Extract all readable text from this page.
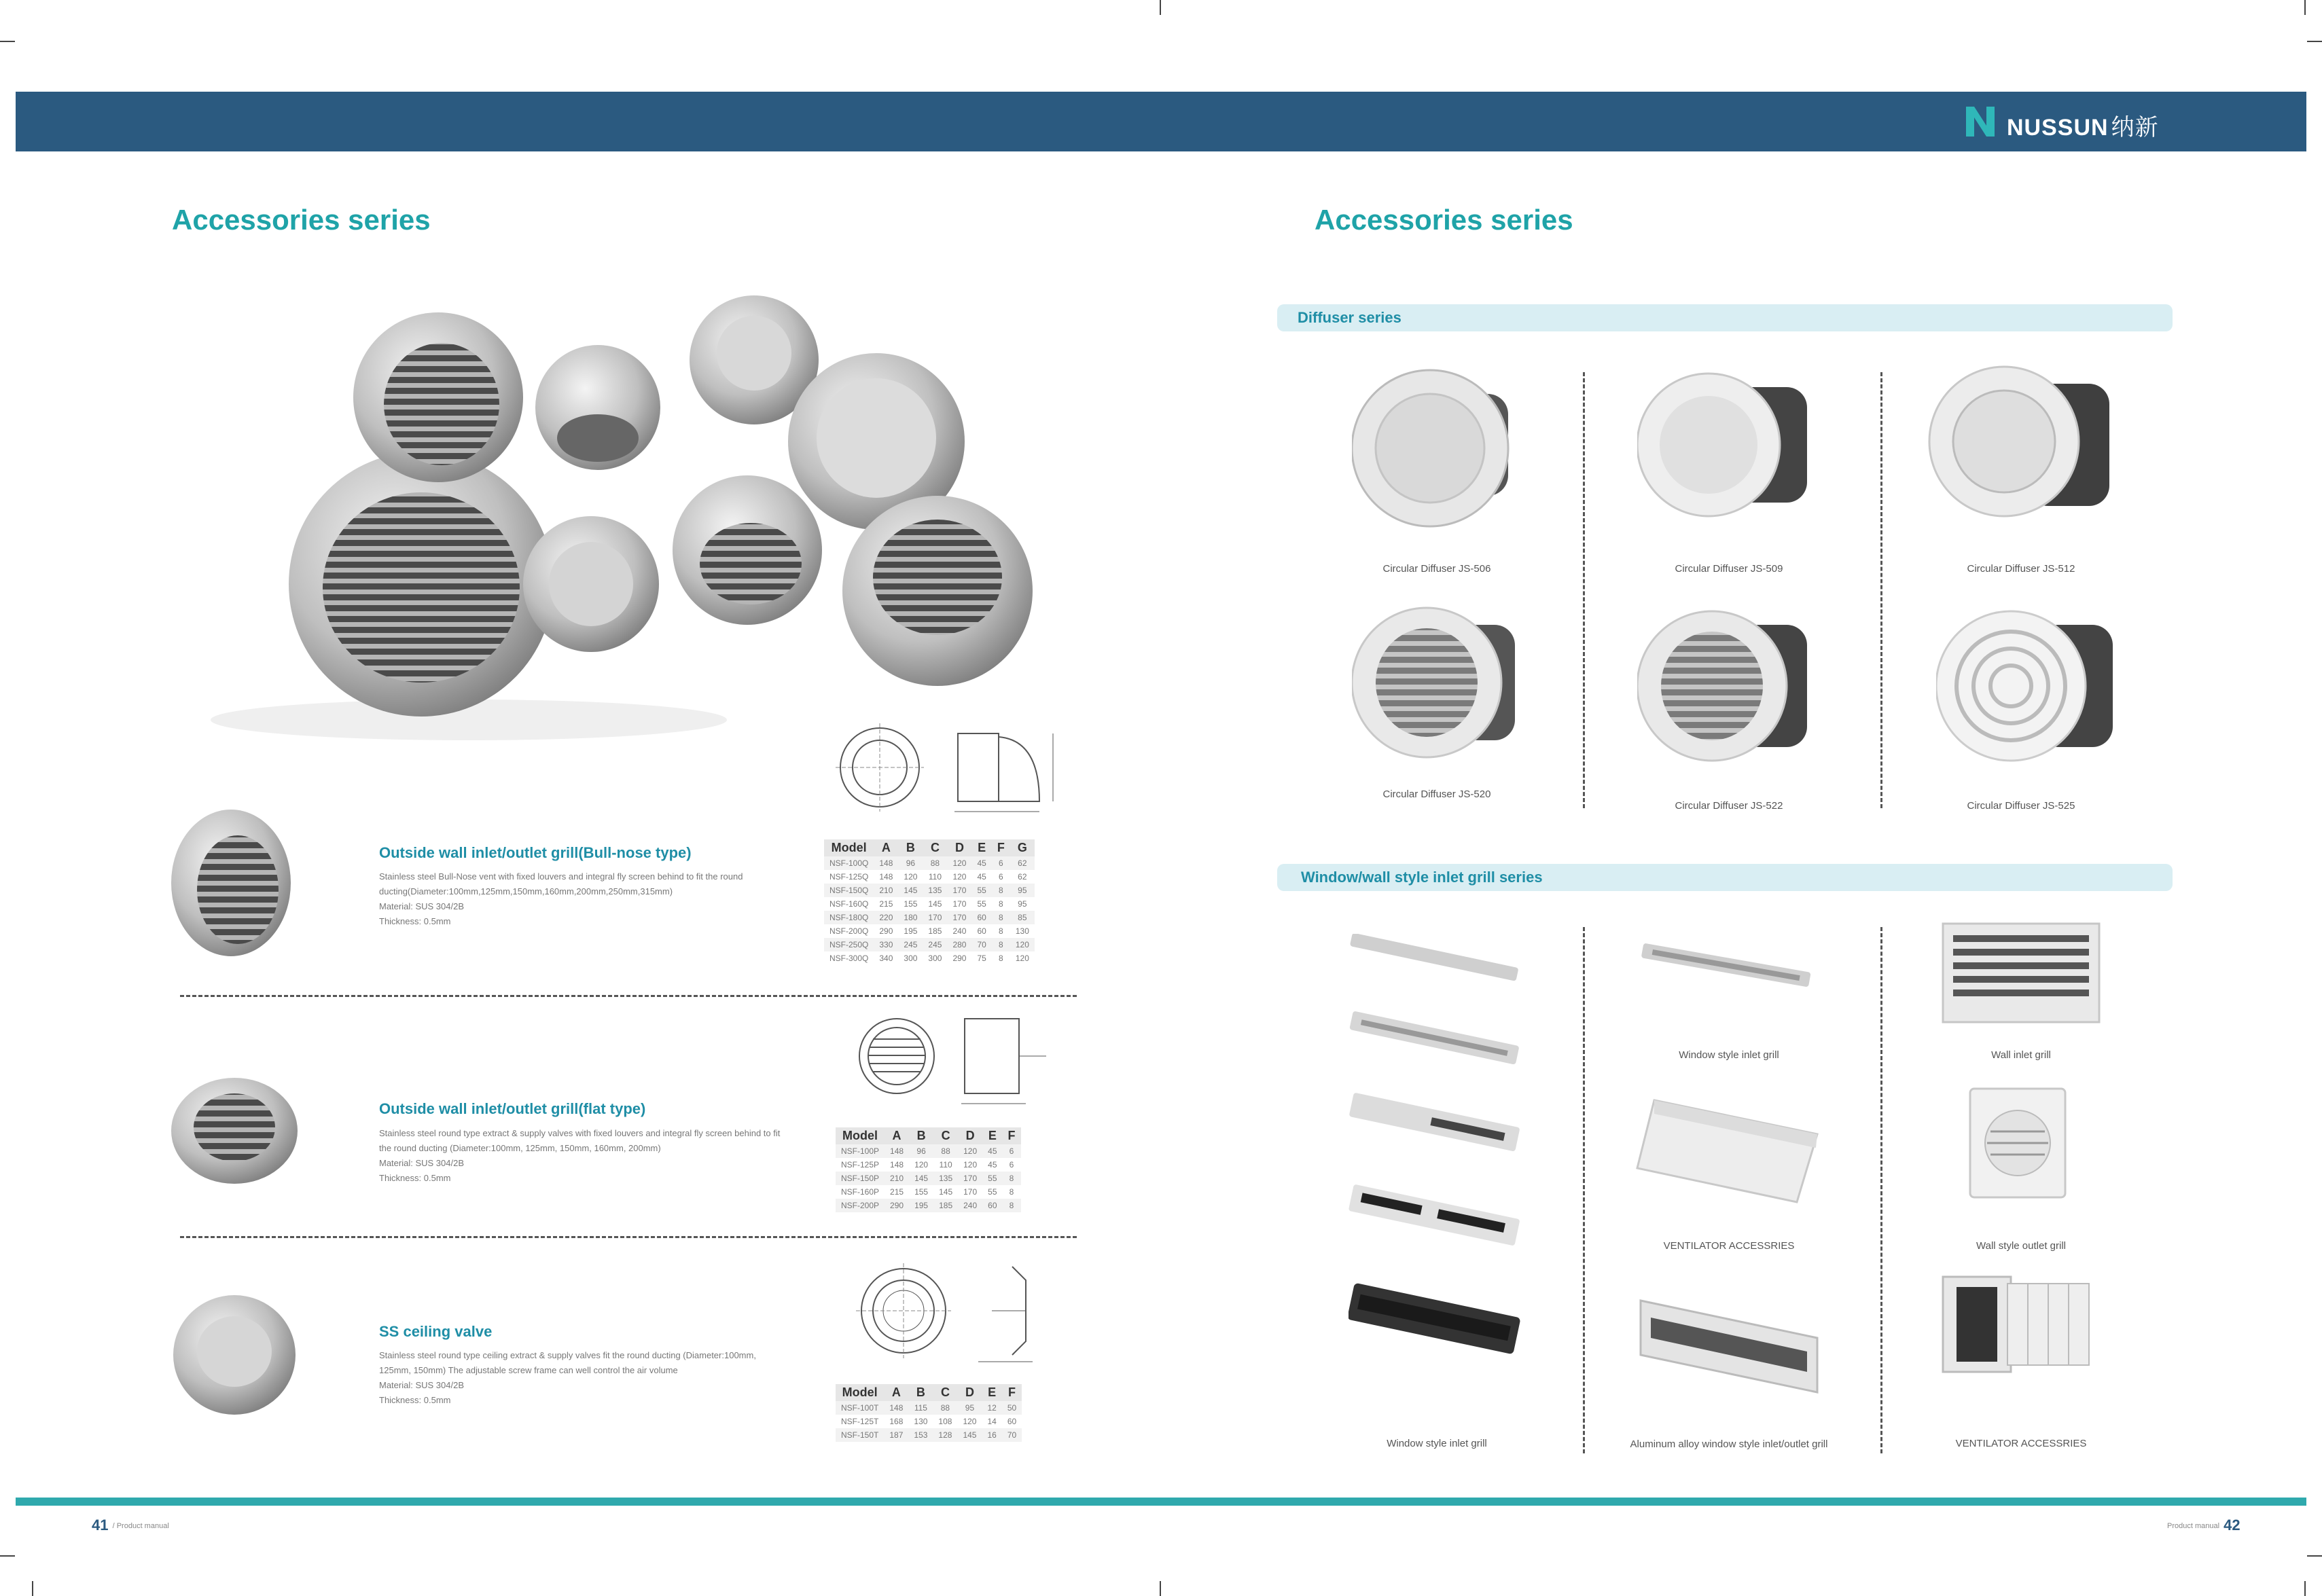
NUSSUN 纳新
Accessories series
Outside wall inlet/outlet grill(Bull-nose type)
Stainless steel Bull-Nose vent with fixed louvers and integral fly screen behind to fit the round ducting(Diameter:100mm,125mm,150mm,160mm,200mm,250mm,315mm)
Material: SUS 304/2B
Thickness: 0.5mm
Model	A	B	C	D	E	F	G
NSF-100Q	148	96	88	120	45	6	62
NSF-125Q	148	120	110	120	45	6	62
NSF-150Q	210	145	135	170	55	8	95
NSF-160Q	215	155	145	170	55	8	95
NSF-180Q	220	180	170	170	60	8	85
NSF-200Q	290	195	185	240	60	8	130
NSF-250Q	330	245	245	280	70	8	120
NSF-300Q	340	300	300	290	75	8	120
Outside wall inlet/outlet grill(flat type)
Stainless steel round type extract & supply valves with fixed louvers and integral fly screen behind to fit the round ducting (Diameter:100mm, 125mm, 150mm, 160mm, 200mm)
Material: SUS 304/2B
Thickness: 0.5mm
Model	A	B	C	D	E	F
NSF-100P	148	96	88	120	45	6
NSF-125P	148	120	110	120	45	6
NSF-150P	210	145	135	170	55	8
NSF-160P	215	155	145	170	55	8
NSF-200P	290	195	185	240	60	8
SS ceiling valve
Stainless steel round type ceiling extract & supply valves fit the round ducting (Diameter:100mm, 125mm, 150mm) The adjustable screw frame can well control the air volume
Material: SUS 304/2B
Thickness: 0.5mm
Model	A	B	C	D	E	F
NSF-100T	148	115	88	95	12	50
NSF-125T	168	130	108	120	14	60
NSF-150T	187	153	128	145	16	70
Accessories series
Diffuser series
Circular Diffuser JS-506	Circular Diffuser JS-509	Circular Diffuser JS-512
Circular Diffuser JS-520
Circular Diffuser JS-522	Circular Diffuser JS-525
Window/wall style inlet grill series
Window style inlet grill
Window style inlet grill
VENTILATOR ACCESSRIES
Aluminum alloy window style inlet/outlet grill
Wall inlet grill
Wall style outlet grill
VENTILATOR ACCESSRIES
41 / Product manual	Product manual 42
